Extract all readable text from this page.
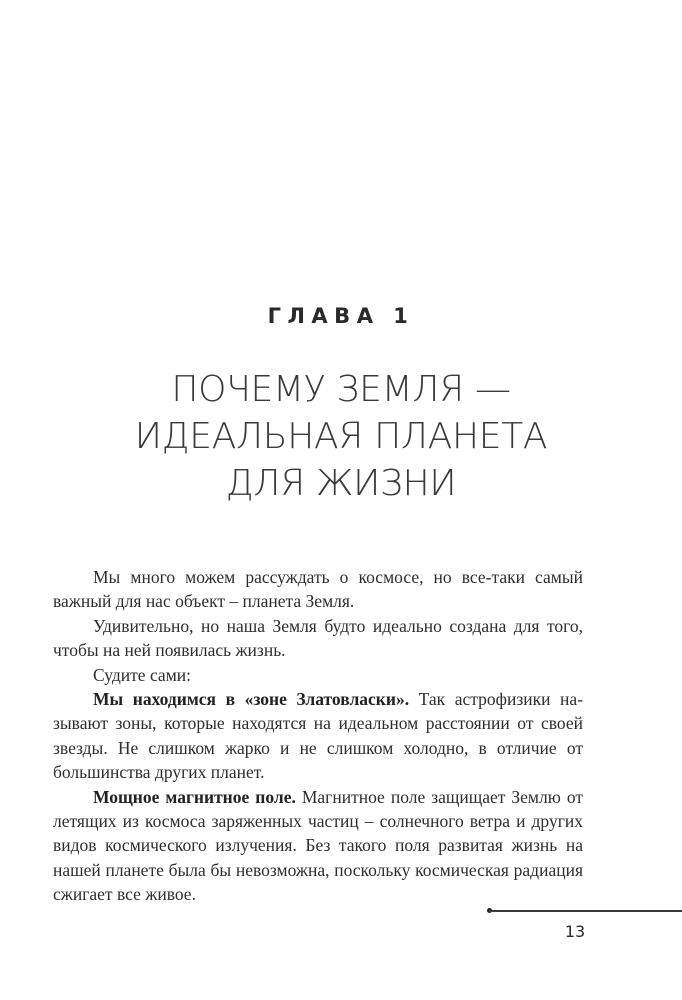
ГЛАВА 1
ПОЧЕМУ ЗЕМЛЯ —
ИДЕАЛЬНАЯ ПЛАНЕТА
ДЛЯ ЖИЗНИ

Мы много можем рассуждать о космосе, но все-таки самый важный для нас объект – планета Земля.

Удивительно, но наша Земля будто идеально создана для того, чтобы на ней появилась жизнь.

Судите сами:

Мы находимся в «зоне Златовласки». Так астрофизики называют зоны, которые находятся на идеальном расстоянии от своей звезды. Не слишком жарко и не слишком холодно, в отличие от большинства других планет.

Мощное магнитное поле. Магнитное поле защищает Землю от летящих из космоса заряженных частиц – солнечного ветра и других видов космического излучения. Без такого поля развитая жизнь на нашей планете была бы невозможна, поскольку космическая радиация сжигает все живое.

13
